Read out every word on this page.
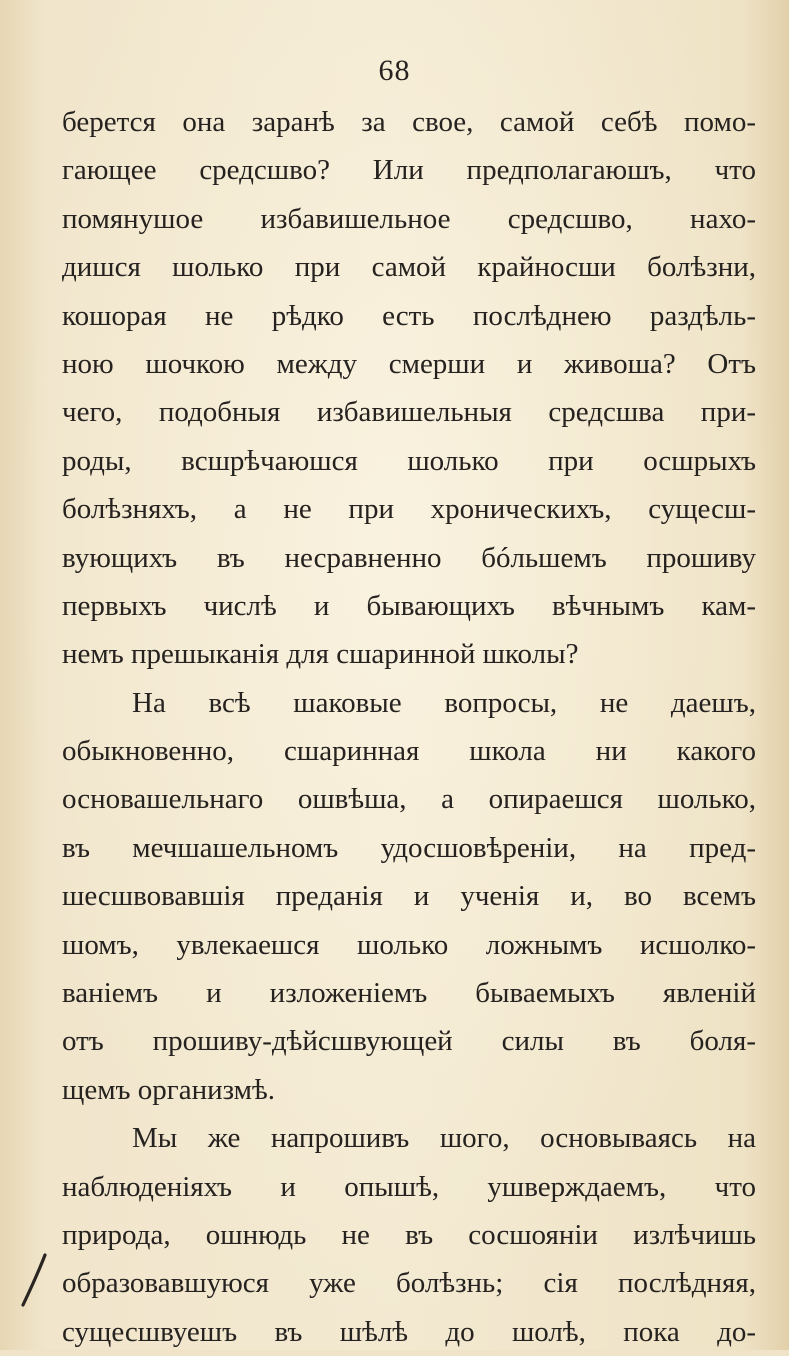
68
берется она заранѣ за свое, самой себѣ помо-
гающее средсшво? Или предполагаюшъ, что
помянушое избавишельное средсшво, нахо-
дишся шолько при самой крайносши болѣзни,
кошорая не рѣдко есть послѣднею раздѣль-
ною шочкою между смерши и живоша? Отъ
чего, подобныя избавишельныя средсшва при-
роды, всшрѣчаюшся шолько при осшрыхъ
болѣзняхъ, а не при хроническихъ, сущесш-
вующихъ въ несравненно бóльшемъ прошиву
первыхъ числѣ и бывающихъ вѣчнымъ кам-
немъ прешыканія для сшаринной школы?
На всѣ шаковые вопросы, не даешъ,
обыкновенно, сшаринная школа ни какого
основашельнаго ошвѣша, а опираешся шолько,
въ мечшашельномъ удосшовѣреніи, на пред-
шесшвовавшія преданія и ученія и, во всемъ
шомъ, увлекаешся шолько ложнымъ исшолко-
ваніемъ и изложеніемъ бываемыхъ явленій
отъ прошиву-дѣйсшвующей силы въ боля-
щемъ организмѣ.
Мы же напрошивъ шого, основываясь на
наблюденіяхъ и опышѣ, ушверждаемъ, что
природа, ошнюдь не въ сосшояніи излѣчишь
образовавшуюся уже болѣзнь; сія послѣдняя,
сущесшвуешъ въ шѣлѣ до шолѣ, пока до-
